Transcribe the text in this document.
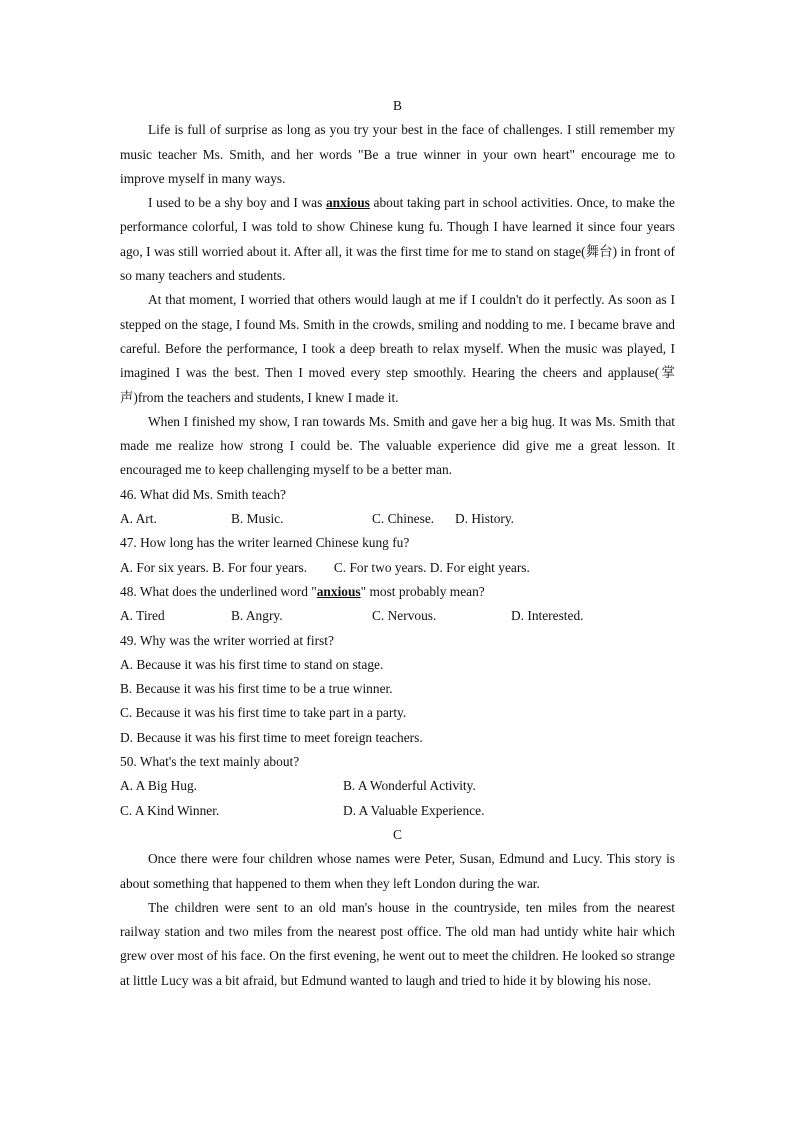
B

Life is full of surprise as long as you try your best in the face of challenges. I still remember my music teacher Ms. Smith, and her words "Be a true winner in your own heart" encourage me to improve myself in many ways.

I used to be a shy boy and I was anxious about taking part in school activities. Once, to make the performance colorful, I was told to show Chinese kung fu. Though I have learned it since four years ago, I was still worried about it. After all, it was the first time for me to stand on stage(舞台) in front of so many teachers and students.

At that moment, I worried that others would laugh at me if I couldn't do it perfectly. As soon as I stepped on the stage, I found Ms. Smith in the crowds, smiling and nodding to me. I became brave and careful. Before the performance, I took a deep breath to relax myself. When the music was played, I imagined I was the best. Then I moved every step smoothly. Hearing the cheers and applause(掌声)from the teachers and students, I knew I made it.

When I finished my show, I ran towards Ms. Smith and gave her a big hug. It was Ms. Smith that made me realize how strong I could be. The valuable experience did give me a great lesson. It encouraged me to keep challenging myself to be a better man.

46. What did Ms. Smith teach?

A. Art.	B. Music.	C. Chinese. D. History.

47. How long has the writer learned Chinese kung fu?

A. For six years. B. For four years.        C. For two years. D. For eight years.

48. What does the underlined word "anxious" most probably mean?

A. Tired	B. Angry.	C. Nervous.	D. Interested.

49. Why was the writer worried at first?

A. Because it was his first time to stand on stage.

B. Because it was his first time to be a true winner.

C. Because it was his first time to take part in a party.

D. Because it was his first time to meet foreign teachers.

50. What's the text mainly about?

A. A Big Hug.	B. A Wonderful Activity.
C. A Kind Winner.	D. A Valuable Experience.

C

Once there were four children whose names were Peter, Susan, Edmund and Lucy. This story is about something that happened to them when they left London during the war.

The children were sent to an old man's house in the countryside, ten miles from the nearest railway station and two miles from the nearest post office. The old man had untidy white hair which grew over most of his face. On the first evening, he went out to meet the children. He looked so strange at little Lucy was a bit afraid, but Edmund wanted to laugh and tried to hide it by blowing his nose.
